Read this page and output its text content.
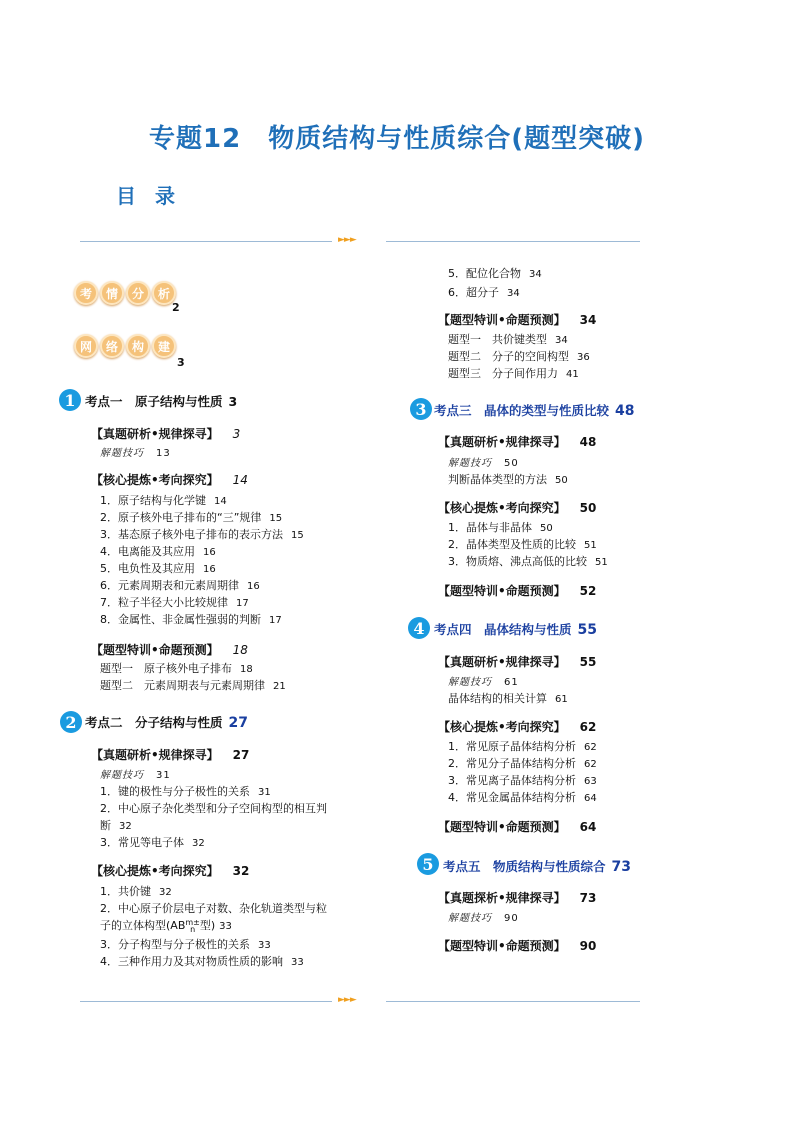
专题12　物质结构与性质综合(题型突破)
目 录
►►►
考	情	分	析
2
网	络	构	建
3
1 考点一　原子结构与性质 3
【真题研析•规律探寻】 3
解题技巧 13
【核心提炼•考向探究】 14
1．原子结构与化学键 14
2．原子核外电子排布的“三”规律 15
3．基态原子核外电子排布的表示方法 15
4．电离能及其应用 16
5．电负性及其应用 16
6．元素周期表和元素周期律 16
7．粒子半径大小比较规律 17
8．金属性、非金属性强弱的判断 17
【题型特训•命题预测】 18
题型一　原子核外电子排布 18
题型二　元素周期表与元素周期律 21
2 考点二　分子结构与性质 27
【真题研析•规律探寻】 27
解题技巧 31
1．键的极性与分子极性的关系 31
2．中心原子杂化类型和分子空间构型的相互判
断 32
3．常见等电子体 32
【核心提炼•考向探究】 32
1．共价键 32
2．中心原子价层电子对数、杂化轨道类型与粒
子的立体构型(AB m±
n 型) 33
3．分子构型与分子极性的关系 33
4．三种作用力及其对物质性质的影响 33
5．配位化合物 34
6．超分子 34
【题型特训•命题预测】 34
题型一　共价键类型 34
题型二　分子的空间构型 36
题型三　分子间作用力 41
3 考点三　晶体的类型与性质比较 48
【真题研析•规律探寻】 48
解题技巧 50
判断晶体类型的方法 50
【核心提炼•考向探究】 50
1．晶体与非晶体 50
2．晶体类型及性质的比较 51
3．物质熔、沸点高低的比较 51
【题型特训•命题预测】 52
4 考点四　晶体结构与性质 55
【真题研析•规律探寻】 55
解题技巧 61
晶体结构的相关计算 61
【核心提炼•考向探究】 62
1．常见原子晶体结构分析 62
2．常见分子晶体结构分析 62
3．常见离子晶体结构分析 63
4．常见金属晶体结构分析 64
【题型特训•命题预测】 64
5 考点五　物质结构与性质综合 73
【真题探析•规律探寻】 73
解题技巧 90
【题型特训•命题预测】 90
►►►
